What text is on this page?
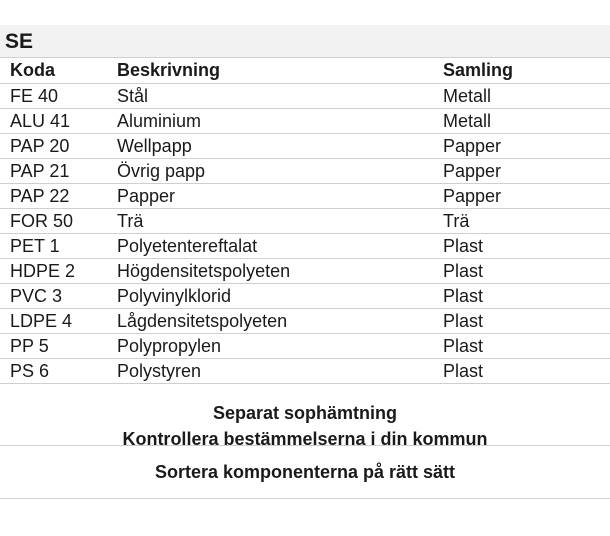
SE
Koda	Beskrivning	Samling
FE 40	Stål	Metall
ALU 41	Aluminium	Metall
PAP 20	Wellpapp	Papper
PAP 21	Övrig papp	Papper
PAP 22	Papper	Papper
FOR 50	Trä	Trä
PET 1	Polyetentereftalat	Plast
HDPE 2	Högdensitetspolyeten	Plast
PVC 3	Polyvinylklorid	Plast
LDPE 4	Lågdensitetspolyeten	Plast
PP 5	Polypropylen	Plast
PS 6	Polystyren	Plast
Separat sophämtning
Kontrollera bestämmelserna i din kommun
Sortera komponenterna på rätt sätt
